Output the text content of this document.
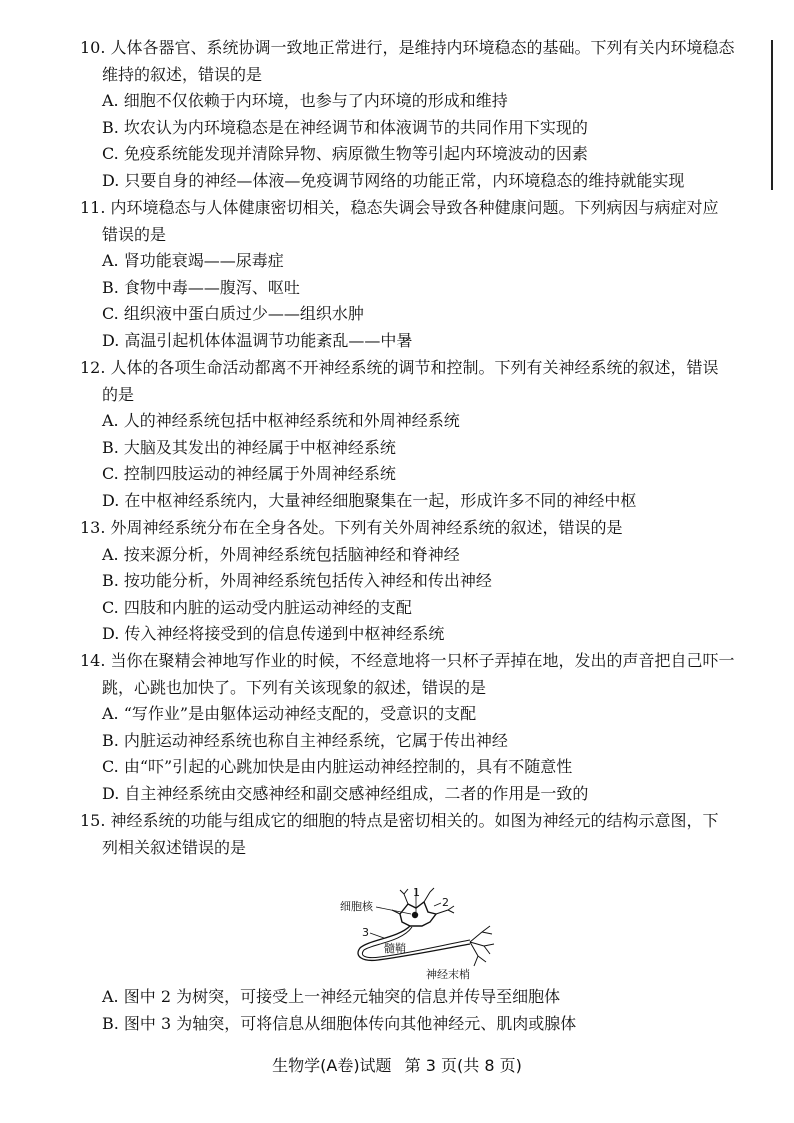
10. 人体各器官、系统协调一致地正常进行，是维持内环境稳态的基础。下列有关内环境稳态
维持的叙述，错误的是
A. 细胞不仅依赖于内环境，也参与了内环境的形成和维持
B. 坎农认为内环境稳态是在神经调节和体液调节的共同作用下实现的
C. 免疫系统能发现并清除异物、病原微生物等引起内环境波动的因素
D. 只要自身的神经—体液—免疫调节网络的功能正常，内环境稳态的维持就能实现
11. 内环境稳态与人体健康密切相关，稳态失调会导致各种健康问题。下列病因与病症对应
错误的是
A. 肾功能衰竭——尿毒症
B. 食物中毒——腹泻、呕吐
C. 组织液中蛋白质过少——组织水肿
D. 高温引起机体体温调节功能紊乱——中暑
12. 人体的各项生命活动都离不开神经系统的调节和控制。下列有关神经系统的叙述，错误
的是
A. 人的神经系统包括中枢神经系统和外周神经系统
B. 大脑及其发出的神经属于中枢神经系统
C. 控制四肢运动的神经属于外周神经系统
D. 在中枢神经系统内，大量神经细胞聚集在一起，形成许多不同的神经中枢
13. 外周神经系统分布在全身各处。下列有关外周神经系统的叙述，错误的是
A. 按来源分析，外周神经系统包括脑神经和脊神经
B. 按功能分析，外周神经系统包括传入神经和传出神经
C. 四肢和内脏的运动受内脏运动神经的支配
D. 传入神经将接受到的信息传递到中枢神经系统
14. 当你在聚精会神地写作业的时候，不经意地将一只杯子弄掉在地，发出的声音把自己吓一
跳，心跳也加快了。下列有关该现象的叙述，错误的是
A. “写作业”是由躯体运动神经支配的，受意识的支配
B. 内脏运动神经系统也称自主神经系统，它属于传出神经
C. 由“吓”引起的心跳加快是由内脏运动神经控制的，具有不随意性
D. 自主神经系统由交感神经和副交感神经组成，二者的作用是一致的
15. 神经系统的功能与组成它的细胞的特点是密切相关的。如图为神经元的结构示意图，下
列相关叙述错误的是
细胞核
1
2
3
髓鞘
神经末梢
A. 图中 2 为树突，可接受上一神经元轴突的信息并传导至细胞体
B. 图中 3 为轴突，可将信息从细胞体传向其他神经元、肌肉或腺体
生物学(A卷)试题 第 3 页(共 8 页)
